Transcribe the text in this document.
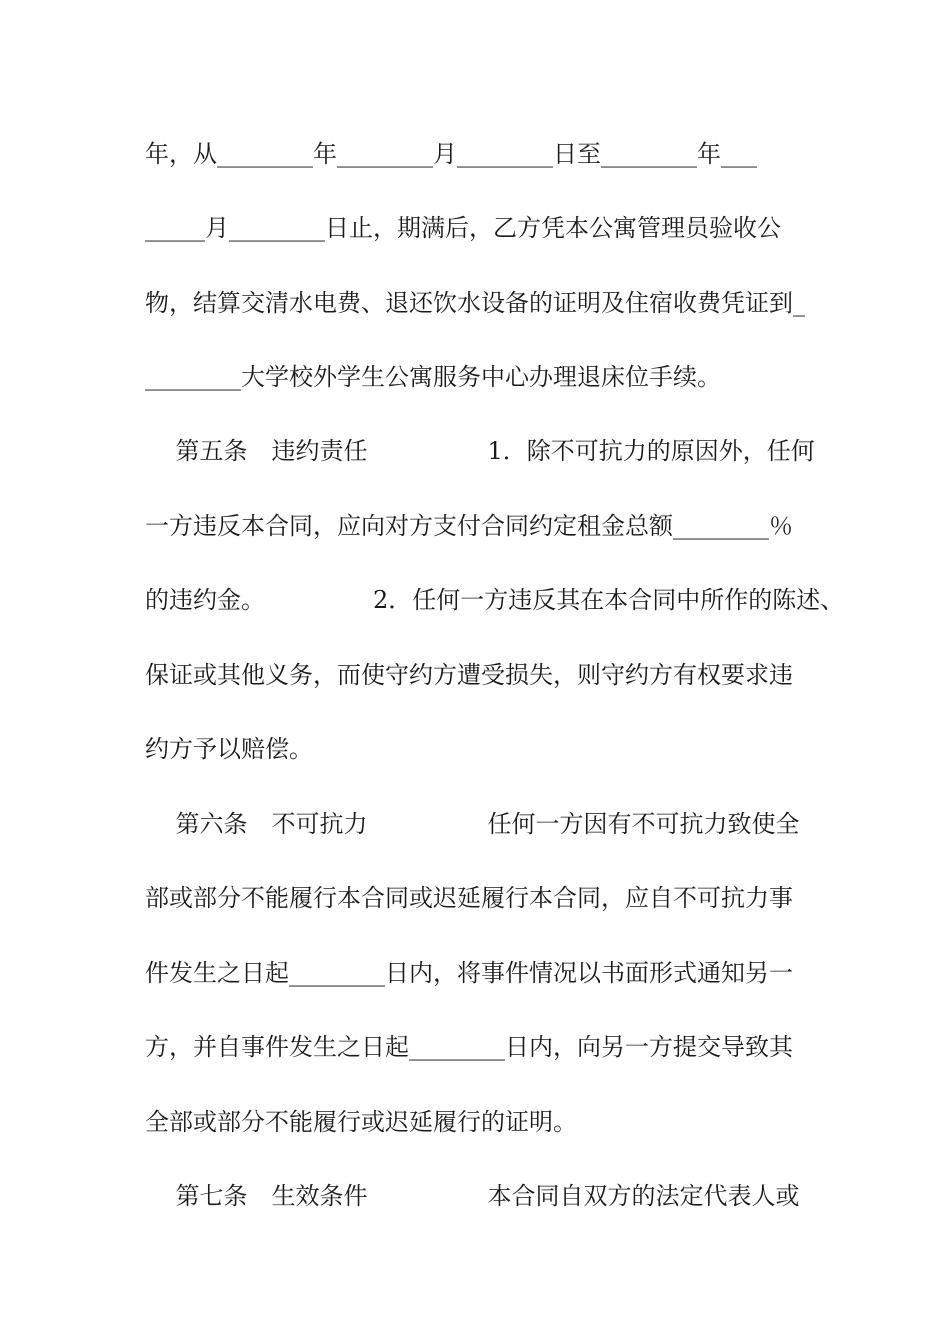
年，从________年________月________日至________年___
_____月________日止，期满后，乙方凭本公寓管理员验收公
物，结算交清水电费、退还饮水设备的证明及住宿收费凭证到_
________大学校外学生公寓服务中心办理退床位手续。
第五条　违约责任　　　　　1．除不可抗力的原因外，任何
一方违反本合同，应向对方支付合同约定租金总额________％
的违约金。　　　　　2．任何一方违反其在本合同中所作的陈述、
保证或其他义务，而使守约方遭受损失，则守约方有权要求违
约方予以赔偿。
第六条　不可抗力　　　　　任何一方因有不可抗力致使全
部或部分不能履行本合同或迟延履行本合同，应自不可抗力事
件发生之日起________日内，将事件情况以书面形式通知另一
方，并自事件发生之日起________日内，向另一方提交导致其
全部或部分不能履行或迟延履行的证明。
第七条　生效条件　　　　　本合同自双方的法定代表人或
